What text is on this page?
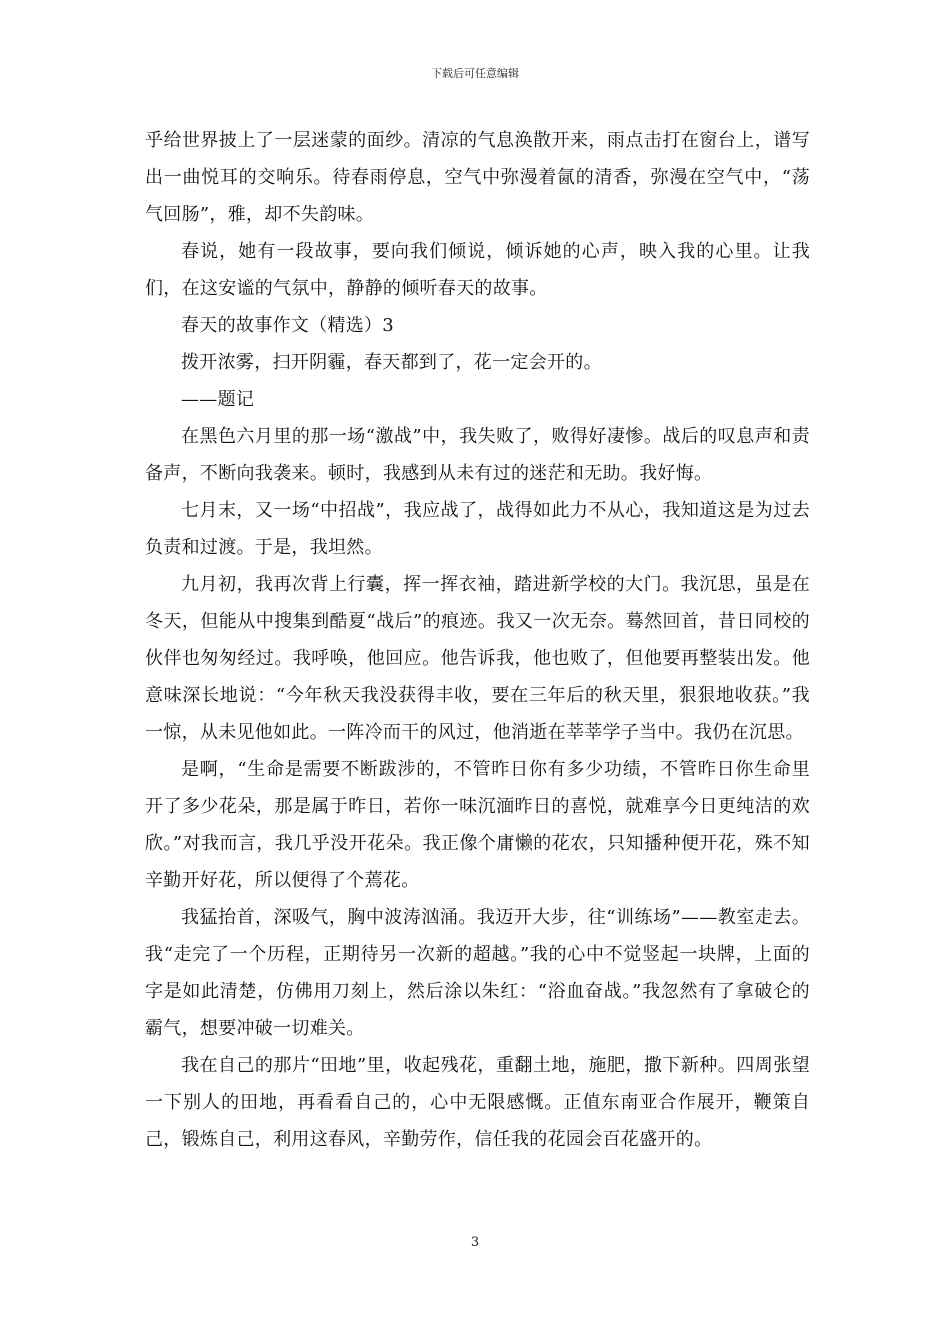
下载后可任意编辑

乎给世界披上了一层迷蒙的面纱。清凉的气息涣散开来，雨点击打在窗台上，谱写出一曲悦耳的交响乐。待春雨停息，空气中弥漫着氤的清香，弥漫在空气中，“荡气回肠”，雅，却不失韵味。

春说，她有一段故事，要向我们倾说，倾诉她的心声，映入我的心里。让我们，在这安谧的气氛中，静静的倾听春天的故事。

春天的故事作文（精选）3

拨开浓雾，扫开阴霾，春天都到了，花一定会开的。

——题记

在黑色六月里的那一场“激战”中，我失败了，败得好凄惨。战后的叹息声和责备声，不断向我袭来。顿时，我感到从未有过的迷茫和无助。我好悔。

七月末，又一场“中招战”，我应战了，战得如此力不从心，我知道这是为过去负责和过渡。于是，我坦然。

九月初，我再次背上行囊，挥一挥衣袖，踏进新学校的大门。我沉思，虽是在冬天，但能从中搜集到酷夏“战后”的痕迹。我又一次无奈。蓦然回首，昔日同校的伙伴也匆匆经过。我呼唤，他回应。他告诉我，他也败了，但他要再整装出发。他意味深长地说：“今年秋天我没获得丰收，要在三年后的秋天里，狠狠地收获。”我一惊，从未见他如此。一阵冷而干的风过，他消逝在莘莘学子当中。我仍在沉思。

是啊，“生命是需要不断跋涉的，不管昨日你有多少功绩，不管昨日你生命里开了多少花朵，那是属于昨日，若你一味沉湎昨日的喜悦，就难享今日更纯洁的欢欣。”对我而言，我几乎没开花朵。我正像个庸懒的花农，只知播种便开花，殊不知辛勤开好花，所以便得了个蔫花。

我猛抬首，深吸气，胸中波涛汹涌。我迈开大步，往“训练场”——教室走去。我“走完了一个历程，正期待另一次新的超越。”我的心中不觉竖起一块牌，上面的字是如此清楚，仿佛用刀刻上，然后涂以朱红：“浴血奋战。”我忽然有了拿破仑的霸气，想要冲破一切难关。

我在自己的那片“田地”里，收起残花，重翻土地，施肥，撒下新种。四周张望一下别人的田地，再看看自己的，心中无限感慨。正值东南亚合作展开，鞭策自己，锻炼自己，利用这春风，辛勤劳作，信任我的花园会百花盛开的。

3
